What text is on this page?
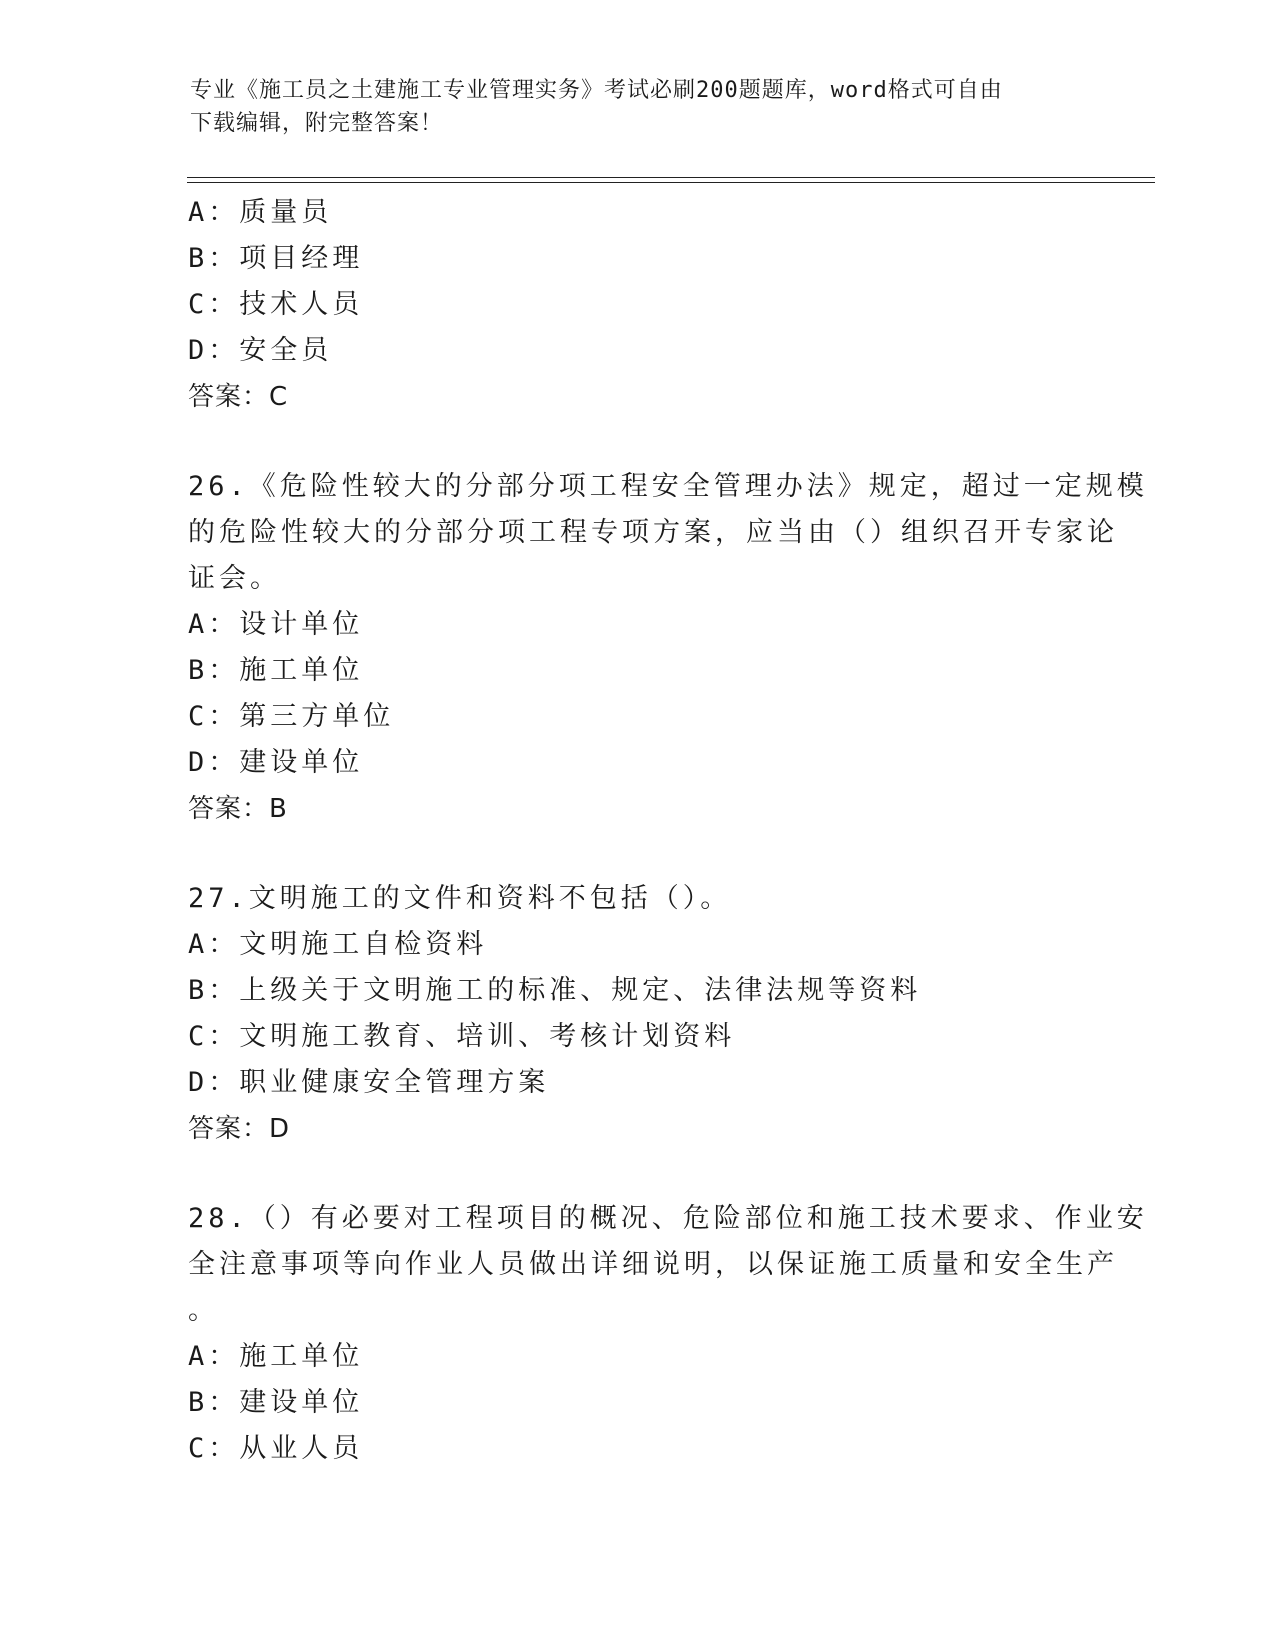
专业《施工员之土建施工专业管理实务》考试必刷200题题库，word格式可自由
下载编辑，附完整答案！
A：质量员
B：项目经理
C：技术人员
D：安全员
答案：C
26.《危险性较大的分部分项工程安全管理办法》规定，超过一定规模
的危险性较大的分部分项工程专项方案，应当由（）组织召开专家论
证会。
A：设计单位
B：施工单位
C：第三方单位
D：建设单位
答案：B
27.文明施工的文件和资料不包括（）。
A：文明施工自检资料
B：上级关于文明施工的标准、规定、法律法规等资料
C：文明施工教育、培训、考核计划资料
D：职业健康安全管理方案
答案：D
28.（）有必要对工程项目的概况、危险部位和施工技术要求、作业安
全注意事项等向作业人员做出详细说明，以保证施工质量和安全生产
。
A：施工单位
B：建设单位
C：从业人员
